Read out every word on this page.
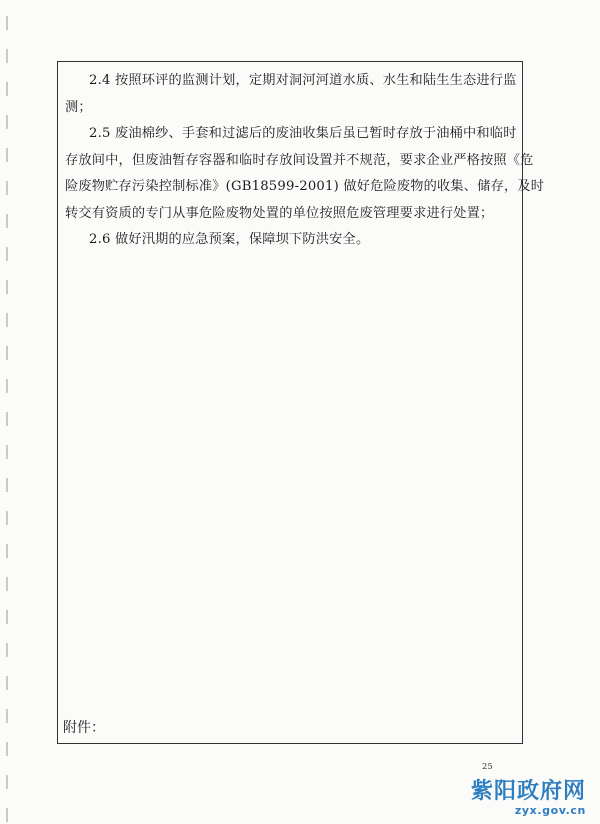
2.4 按照环评的监测计划，定期对洞河河道水质、水生和陆生生态进行监
测；
2.5 废油棉纱、手套和过滤后的废油收集后虽已暂时存放于油桶中和临时
存放间中，但废油暂存容器和临时存放间设置并不规范，要求企业严格按照《危
险废物贮存污染控制标准》(GB18599-2001) 做好危险废物的收集、储存，及时
转交有资质的专门从事危险废物处置的单位按照危废管理要求进行处置；
2.6 做好汛期的应急预案，保障坝下防洪安全。
附件：
25
紫阳政府网
zyx.gov.cn
